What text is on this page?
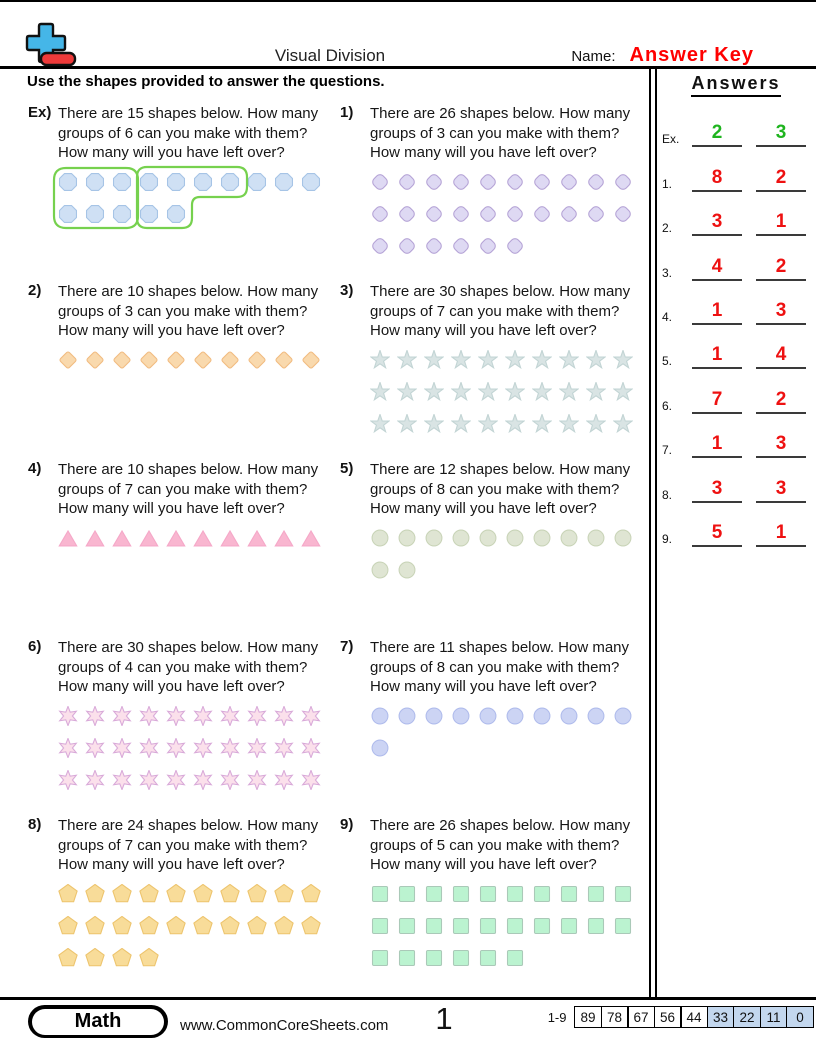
Visual Division	Name: Answer Key
Use the shapes provided to answer the questions.	Answers
Ex.	2	3
1.	8	2
2.	3	1
3.	4	2
4.	1	3
5.	1	4
6.	7	2
7.	1	3
8.	3	3
9.	5	1
Ex) There are 15 shapes below. How many groups of 6 can you make with them? How many will you have left over?
1)	There are 26 shapes below. How many groups of 3 can you make with them? How many will you have left over?
2)	There are 10 shapes below. How many groups of 3 can you make with them? How many will you have left over?
3)	There are 30 shapes below. How many groups of 7 can you make with them? How many will you have left over?
4)	There are 10 shapes below. How many groups of 7 can you make with them? How many will you have left over?
5)	There are 12 shapes below. How many groups of 8 can you make with them? How many will you have left over?
6)	There are 30 shapes below. How many groups of 4 can you make with them? How many will you have left over?
7)	There are 11 shapes below. How many groups of 8 can you make with them? How many will you have left over?
8)	There are 24 shapes below. How many groups of 7 can you make with them? How many will you have left over?
9)	There are 26 shapes below. How many groups of 5 can you make with them? How many will you have left over?
Math	www.CommonCoreSheets.com	1	1-9	89 78 67 56 44 33 22 11	0
